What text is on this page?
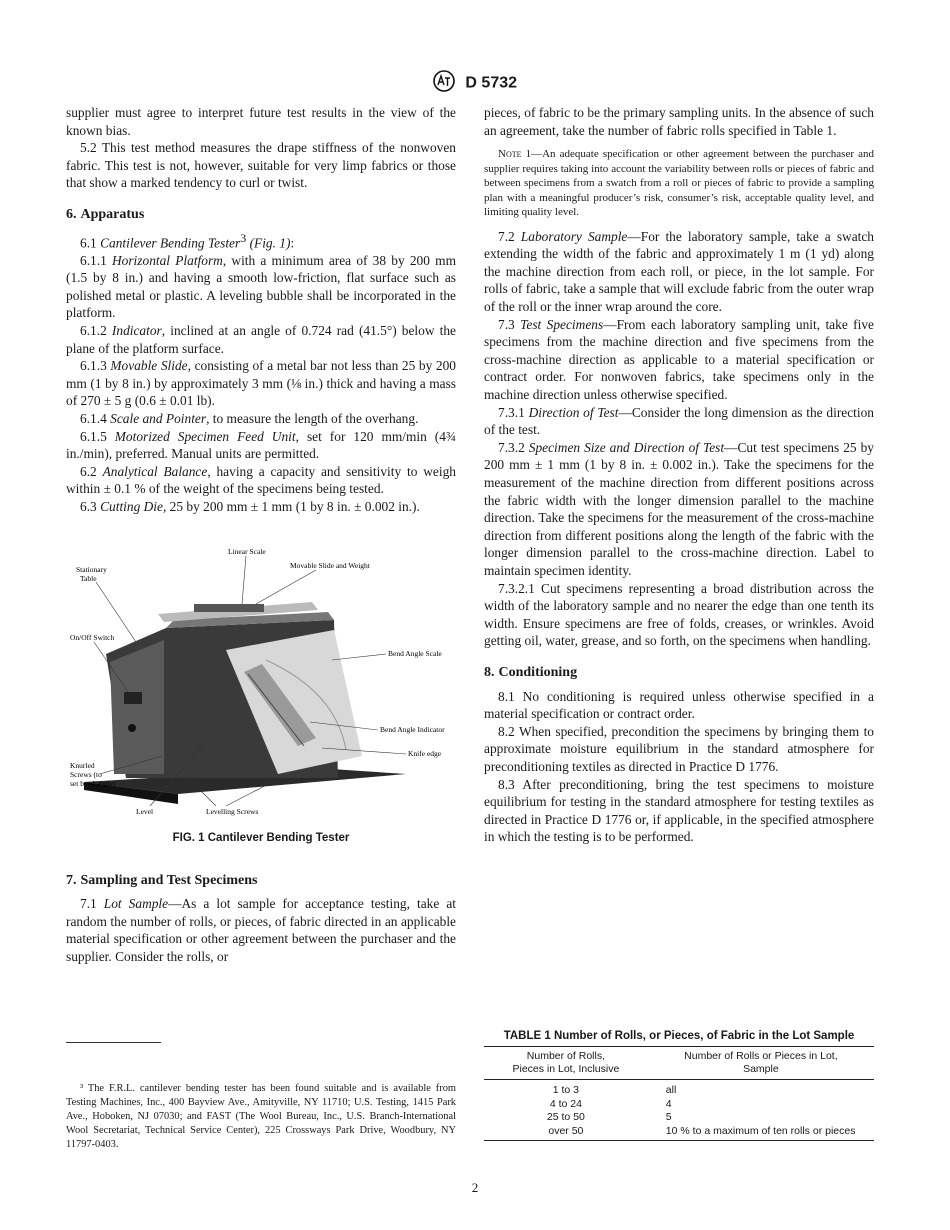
D 5732

supplier must agree to interpret future test results in the view of the known bias.

5.2 This test method measures the drape stiffness of the nonwoven fabric. This test is not, however, suitable for very limp fabrics or those that show a marked tendency to curl or twist.

6. Apparatus

6.1 Cantilever Bending Tester$^3$ (Fig. 1):

6.1.1 Horizontal Platform, with a minimum area of 38 by 200 mm (1.5 by 8 in.) and having a smooth low-friction, flat surface such as polished metal or plastic. A leveling bubble shall be incorporated in the platform.

6.1.2 Indicator, inclined at an angle of 0.724 rad (41.5°) below the plane of the platform surface.

6.1.3 Movable Slide, consisting of a metal bar not less than 25 by 200 mm (1 by 8 in.) by approximately 3 mm (⅛ in.) thick and having a mass of 270 ± 5 g (0.6 ± 0.01 lb).

6.1.4 Scale and Pointer, to measure the length of the overhang.

6.1.5 Motorized Specimen Feed Unit, set for 120 mm/min (4¾ in./min), preferred. Manual units are permitted.

6.2 Analytical Balance, having a capacity and sensitivity to weigh within ± 0.1 % of the weight of the specimens being tested.

6.3 Cutting Die, 25 by 200 mm ± 1 mm (1 by 8 in. ± 0.002 in.).

Linear Scale
Stationary
Table
Movable Slide and Weight
On/Off Switch
Bend Angle Scale
Bend Angle Indicator
Knife edge
Knurled
Screws (to
set bend angle)
Level	Levelling Screws
FIG. 1 Cantilever Bending Tester
7. Sampling and Test Specimens

7.1 Lot Sample—As a lot sample for acceptance testing, take at random the number of rolls, or pieces, of fabric directed in an applicable material specification or other agreement between the purchaser and the supplier. Consider the rolls, or

³ The F.R.L. cantilever bending tester has been found suitable and is available from Testing Machines, Inc., 400 Bayview Ave., Amityville, NY 11710; U.S. Testing, 1415 Park Ave., Hoboken, NJ 07030; and FAST (The Wool Bureau, Inc., U.S. Branch-International Wool Secretariat, Technical Service Center), 225 Crossways Park Drive, Woodbury, NY 11797-0403.

pieces, of fabric to be the primary sampling units. In the absence of such an agreement, take the number of fabric rolls specified in Table 1.

Note 1—An adequate specification or other agreement between the purchaser and supplier requires taking into account the variability between rolls or pieces of fabric and between specimens from a swatch from a roll or pieces of fabric to provide a sampling plan with a meaningful producer’s risk, consumer’s risk, acceptable quality level, and limiting quality level.

7.2 Laboratory Sample—For the laboratory sample, take a swatch extending the width of the fabric and approximately 1 m (1 yd) along the machine direction from each roll, or piece, in the lot sample. For rolls of fabric, take a sample that will exclude fabric from the outer wrap of the roll or the inner wrap around the core.

7.3 Test Specimens—From each laboratory sampling unit, take five specimens from the machine direction and five specimens from the cross-machine direction as applicable to a material specification or contract order. For nonwoven fabrics, take specimens only in the machine direction unless otherwise specified.

7.3.1 Direction of Test—Consider the long dimension as the direction of the test.

7.3.2 Specimen Size and Direction of Test—Cut test specimens 25 by 200 mm ± 1 mm (1 by 8 in. ± 0.002 in.). Take the specimens for the measurement of the machine direction from different positions across the fabric width with the longer dimension parallel to the machine direction. Take the specimens for the measurement of the cross-machine direction from different positions along the length of the fabric with the longer dimension parallel to the cross-machine direction. Label to maintain specimen identity.

7.3.2.1 Cut specimens representing a broad distribution across the width of the laboratory sample and no nearer the edge than one tenth its width. Ensure specimens are free of folds, creases, or wrinkles. Avoid getting oil, water, grease, and so forth, on the specimens when handling.

8. Conditioning

8.1 No conditioning is required unless otherwise specified in a material specification or contract order.

8.2 When specified, precondition the specimens by bringing them to approximate moisture equilibrium in the standard atmosphere for preconditioning textiles as directed in Practice D 1776.

8.3 After preconditioning, bring the test specimens to moisture equilibrium for testing in the standard atmosphere for testing textiles as directed in Practice D 1776 or, if applicable, in the specified atmosphere in which the testing is to be performed.

TABLE 1 Number of Rolls, or Pieces, of Fabric in the Lot Sample
Number of Rolls,
Pieces in Lot, Inclusive	Number of Rolls or Pieces in Lot,
Sample
1 to 3	all
4 to 24	4
25 to 50	5
over 50	10 % to a maximum of ten rolls or pieces
2
